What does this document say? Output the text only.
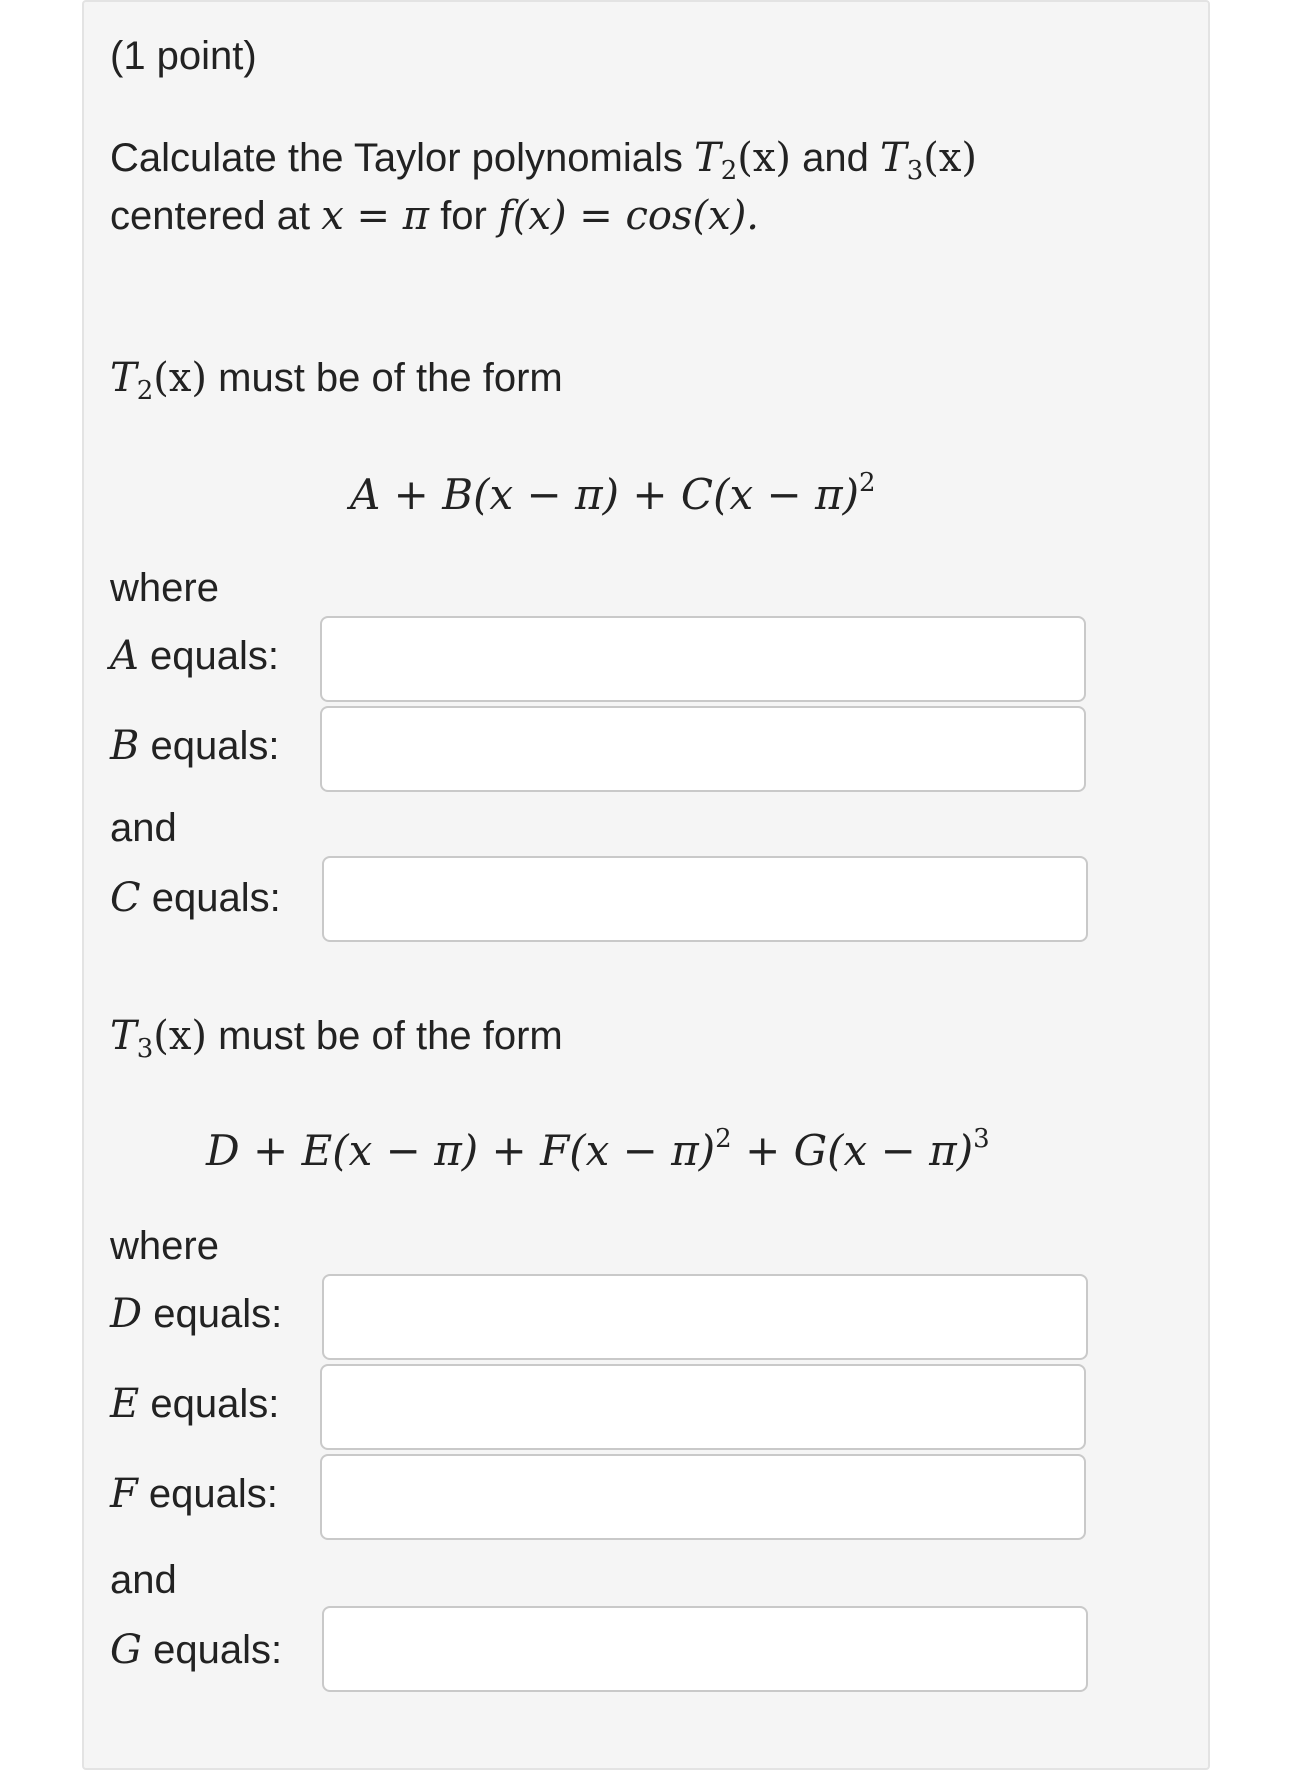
(1 point)
Calculate the Taylor polynomials $T_2(x)$ and $T_3(x)$
centered at x = π for f(x) = cos(x).
$T_2(x)$ must be of the form
$A + B(x - \pi) + C(x - \pi)^2$
where
A equals:
B equals:
and
C equals:
$T_3(x)$ must be of the form
$D + E(x - \pi) + F(x - \pi)^2 + G(x - \pi)^3$
where
D equals:
E equals:
F equals:
and
G equals:
